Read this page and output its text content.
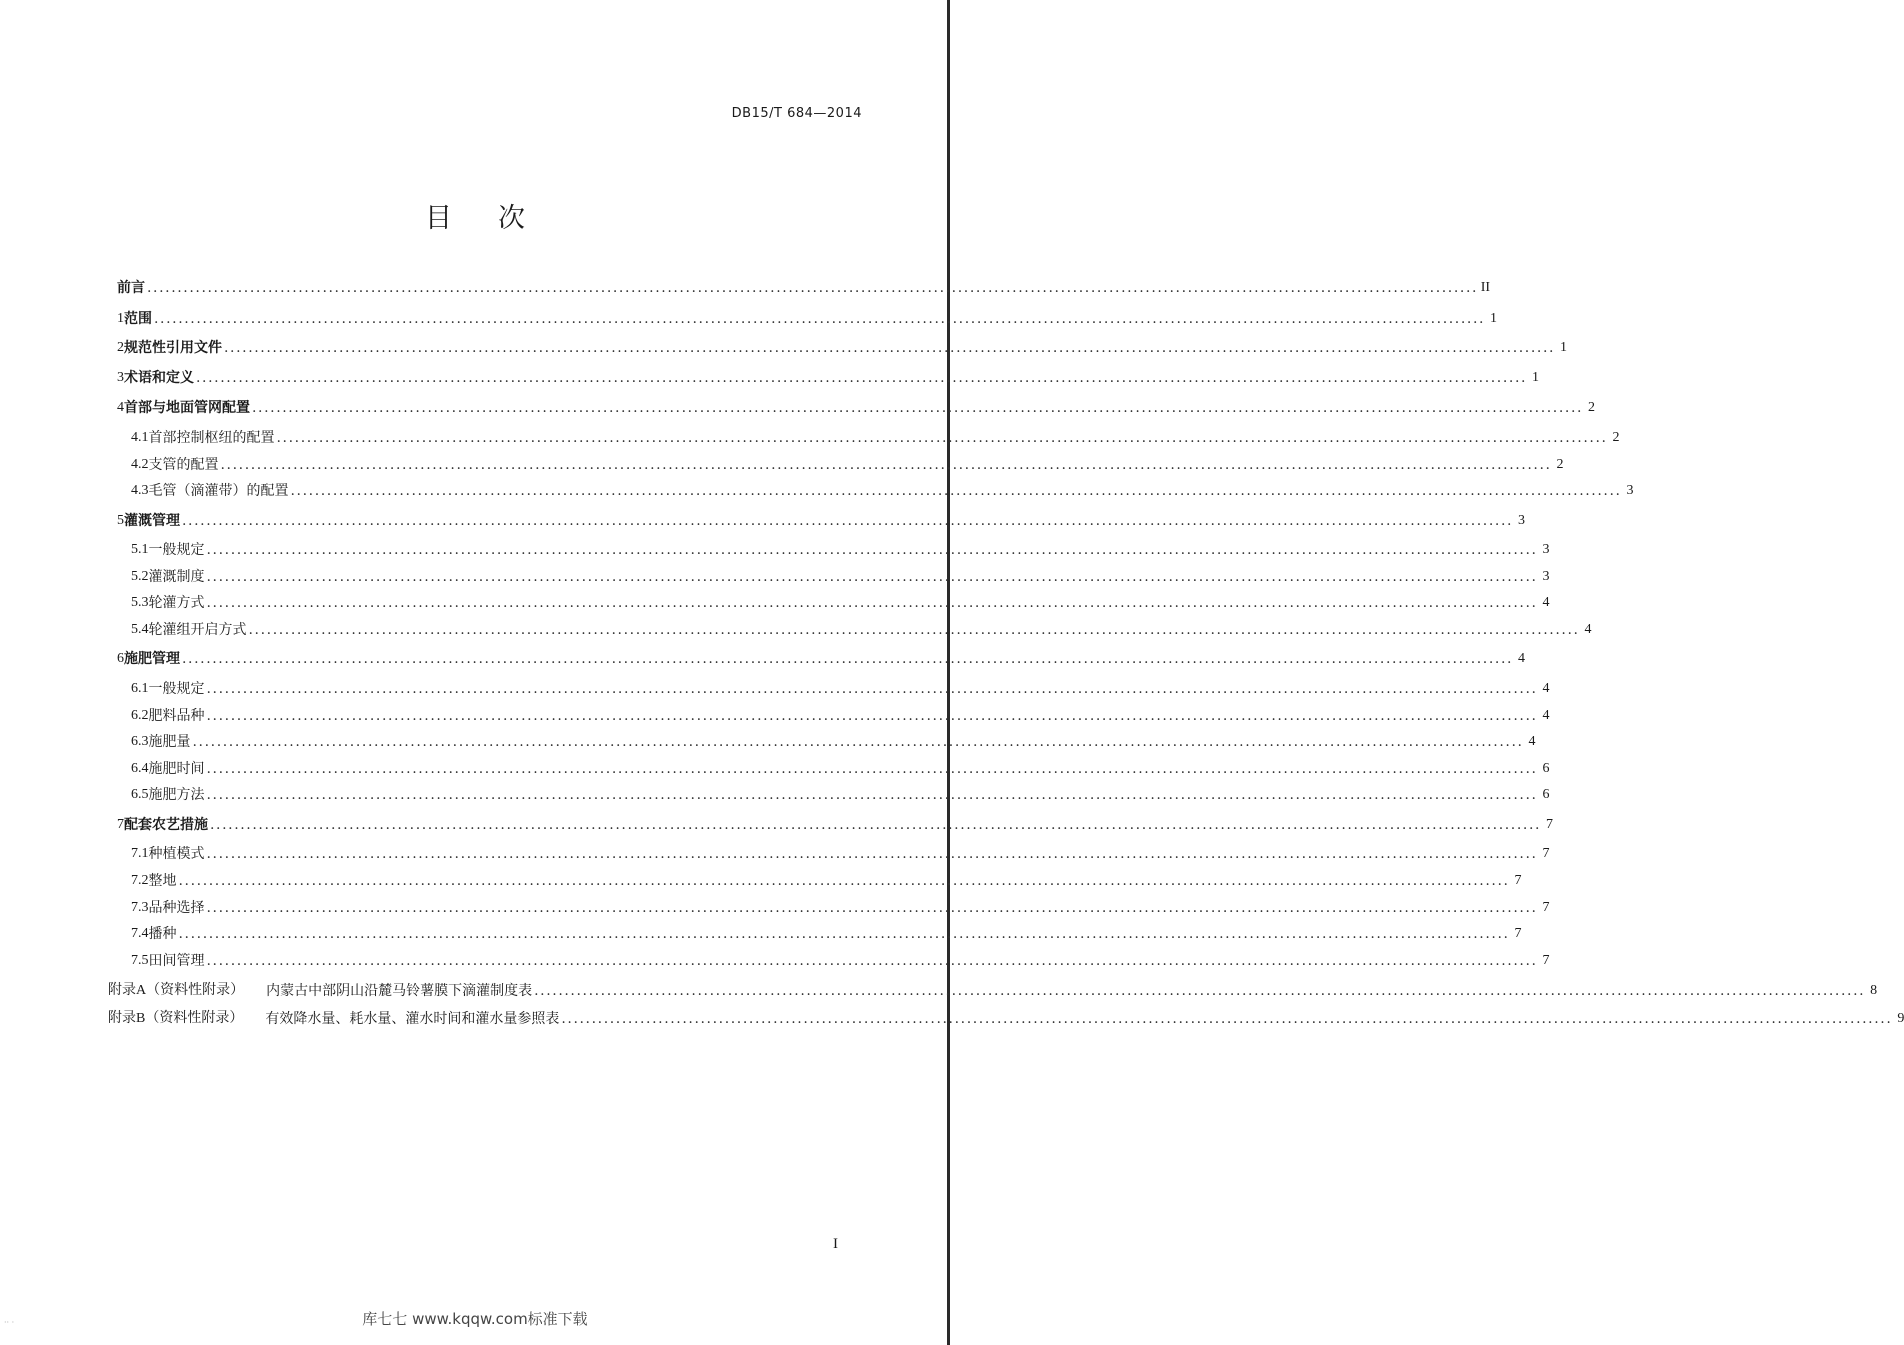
DB15/T 684—2014
目次
前言 ............................................................................................................................................................................................................................ II
1 范围 ............................................................................................................................................................................................................................ 1
2 规范性引用文件 ............................................................................................................................................................................................................................ 1
3 术语和定义 ............................................................................................................................................................................................................................ 1
4 首部与地面管网配置 ............................................................................................................................................................................................................................ 2
4.1 首部控制枢纽的配置 ............................................................................................................................................................................................................................ 2
4.2 支管的配置 ............................................................................................................................................................................................................................ 2
4.3 毛管（滴灌带）的配置 ............................................................................................................................................................................................................................ 3
5 灌溉管理 ............................................................................................................................................................................................................................ 3
5.1 一般规定 ............................................................................................................................................................................................................................ 3
5.2 灌溉制度 ............................................................................................................................................................................................................................ 3
5.3 轮灌方式 ............................................................................................................................................................................................................................ 4
5.4 轮灌组开启方式 ............................................................................................................................................................................................................................ 4
6 施肥管理 ............................................................................................................................................................................................................................ 4
6.1 一般规定 ............................................................................................................................................................................................................................ 4
6.2 肥料品种 ............................................................................................................................................................................................................................ 4
6.3 施肥量 ............................................................................................................................................................................................................................ 4
6.4 施肥时间 ............................................................................................................................................................................................................................ 6
6.5 施肥方法 ............................................................................................................................................................................................................................ 6
7 配套农艺措施 ............................................................................................................................................................................................................................ 7
7.1 种植模式 ............................................................................................................................................................................................................................ 7
7.2 整地 ............................................................................................................................................................................................................................ 7
7.3 品种选择 ............................................................................................................................................................................................................................ 7
7.4 播种 ............................................................................................................................................................................................................................ 7
7.5 田间管理 ............................................................................................................................................................................................................................ 7
附录A（资料性附录） 内蒙古中部阴山沿麓马铃薯膜下滴灌制度表 ............................................................................................................................................................................................................................ 8
附录B（资料性附录） 有效降水量、耗水量、灌水时间和灌水量参照表 ............................................................................................................................................................................................................................ 9
I
库七七 www.kqqw.com标准下载
·· ·
